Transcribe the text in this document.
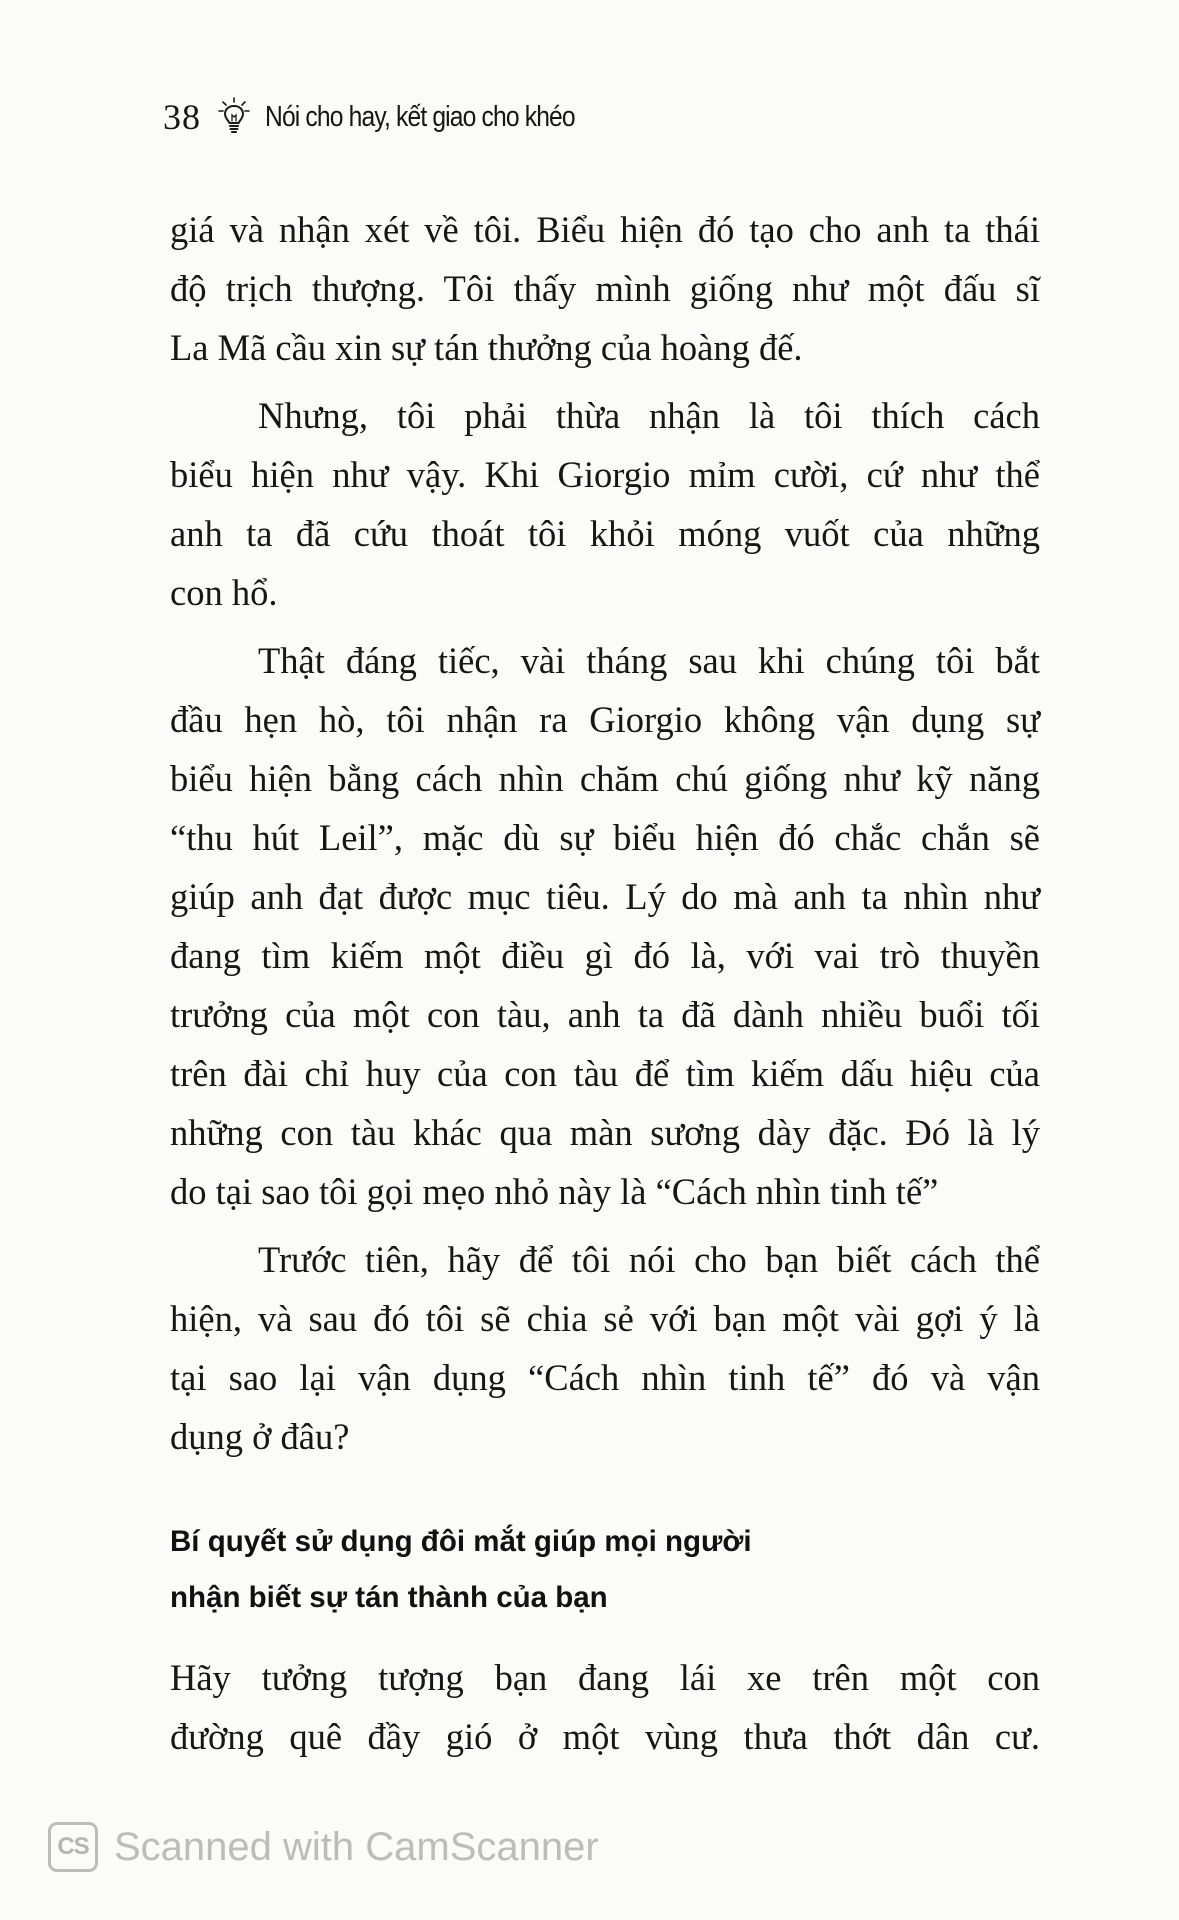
38 Nói cho hay, kết giao cho khéo
giá và nhận xét về tôi. Biểu hiện đó tạo cho anh ta thái
độ trịch thượng. Tôi thấy mình giống như một đấu sĩ
La Mã cầu xin sự tán thưởng của hoàng đế.
Nhưng, tôi phải thừa nhận là tôi thích cách
biểu hiện như vậy. Khi Giorgio mỉm cười, cứ như thể
anh ta đã cứu thoát tôi khỏi móng vuốt của những
con hổ.
Thật đáng tiếc, vài tháng sau khi chúng tôi bắt
đầu hẹn hò, tôi nhận ra Giorgio không vận dụng sự
biểu hiện bằng cách nhìn chăm chú giống như kỹ năng
“thu hút Leil”, mặc dù sự biểu hiện đó chắc chắn sẽ
giúp anh đạt được mục tiêu. Lý do mà anh ta nhìn như
đang tìm kiếm một điều gì đó là, với vai trò thuyền
trưởng của một con tàu, anh ta đã dành nhiều buổi tối
trên đài chỉ huy của con tàu để tìm kiếm dấu hiệu của
những con tàu khác qua màn sương dày đặc. Đó là lý
do tại sao tôi gọi mẹo nhỏ này là “Cách nhìn tinh tế”
Trước tiên, hãy để tôi nói cho bạn biết cách thể
hiện, và sau đó tôi sẽ chia sẻ với bạn một vài gợi ý là
tại sao lại vận dụng “Cách nhìn tinh tế” đó và vận
dụng ở đâu?
Bí quyết sử dụng đôi mắt giúp mọi người
nhận biết sự tán thành của bạn
Hãy tưởng tượng bạn đang lái xe trên một con
đường quê đầy gió ở một vùng thưa thớt dân cư.
CS Scanned with CamScanner
